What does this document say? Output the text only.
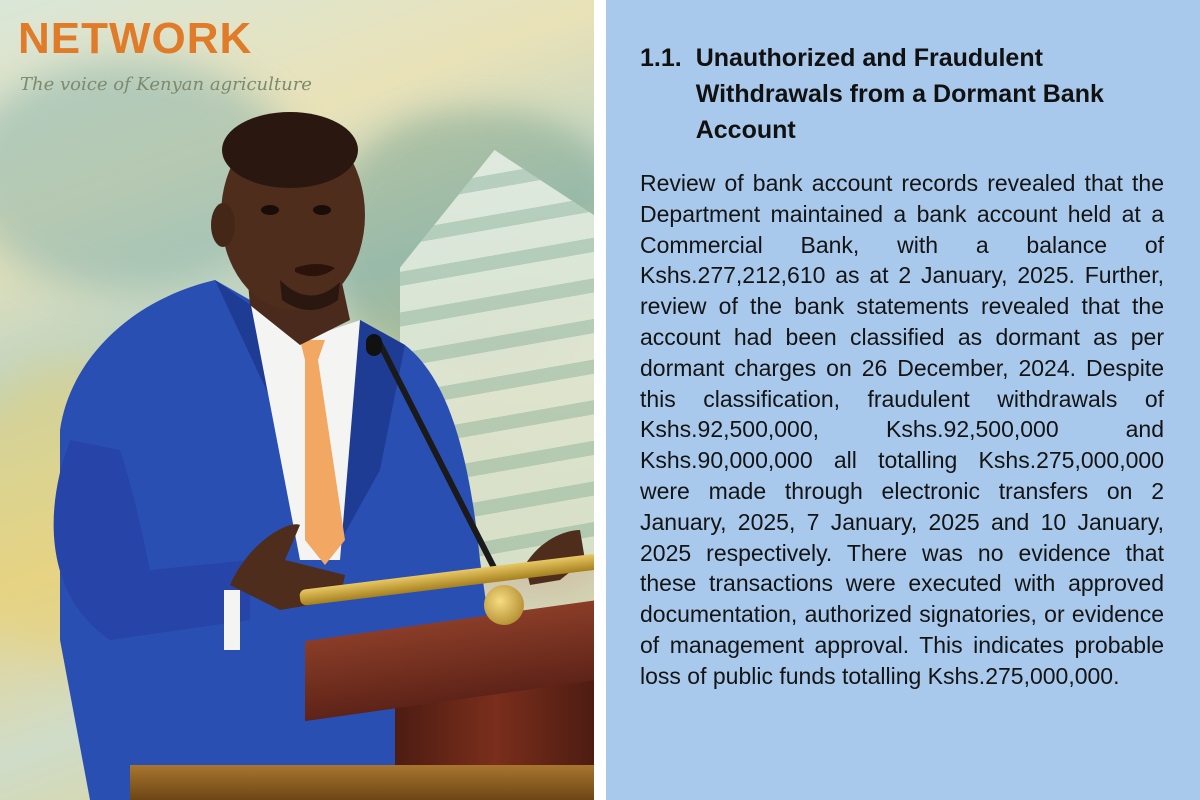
NETWORK
The voice of Kenyan agriculture
1.1. Unauthorized and Fraudulent Withdrawals from a Dormant Bank Account
Review of bank account records revealed that the Department maintained a bank account held at a Commercial Bank, with a balance of Kshs.277,212,610 as at 2 January, 2025. Further, review of the bank statements revealed that the account had been classified as dormant as per dormant charges on 26 December, 2024. Despite this classification, fraudulent withdrawals of Kshs.92,500,000, Kshs.92,500,000 and Kshs.90,000,000 all totalling Kshs.275,000,000 were made through electronic transfers on 2 January, 2025, 7 January, 2025 and 10 January, 2025 respectively. There was no evidence that these transactions were executed with approved documentation, authorized signatories, or evidence of management approval. This indicates probable loss of public funds totalling Kshs.275,000,000.
